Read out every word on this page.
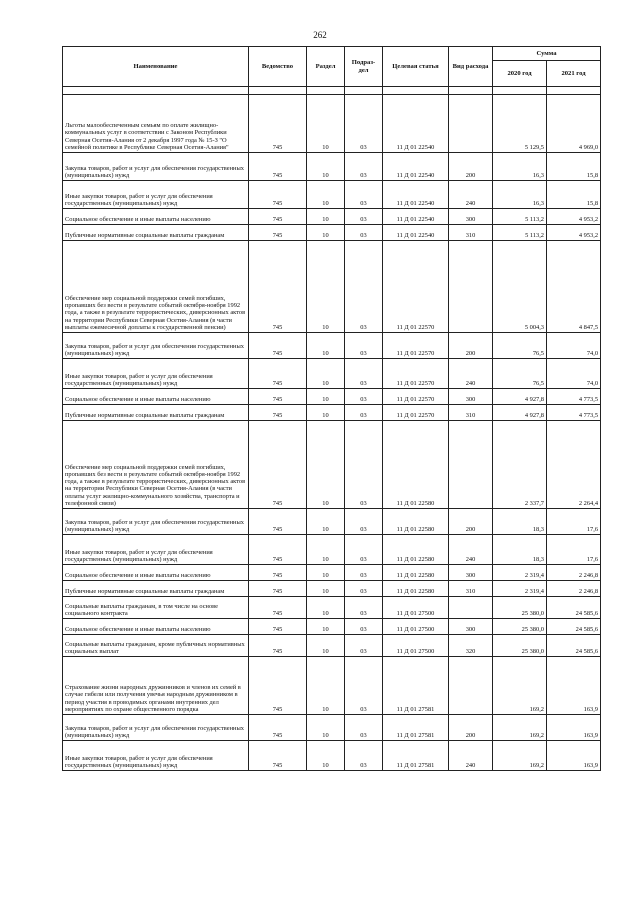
262
Наименование	Ведомство	Раздел	Подраз-дел	Целевая статья	Вид расхода	Сумма	
						2020 год	2021 год

Льготы малообеспеченным семьям по оплате жилищно-коммунальных услуг в соответствии с Законом Республики Северная Осетия-Алания от 2 декабря 1997 года № 15-З "О семейной политике в Республике Северная Осетия-Алания"	745	10	03	11 Д 01 22540		5 129,5	4 969,0
Закупка товаров, работ и услуг для обеспечения государственных (муниципальных) нужд	745	10	03	11 Д 01 22540	200	16,3	15,8
Иные закупки товаров, работ и услуг для обеспечения государственных (муниципальных) нужд	745	10	03	11 Д 01 22540	240	16,3	15,8
Социальное обеспечение и иные выплаты населению	745	10	03	11 Д 01 22540	300	5 113,2	4 953,2
Публичные нормативные социальные выплаты гражданам	745	10	03	11 Д 01 22540	310	5 113,2	4 953,2
Обеспечение мер социальной поддержки семей погибших, пропавших без вести в результате событий октября-ноября 1992 года, а также в результате террористических, диверсионных актов на территории Республики Северная Осетия-Алания (в части выплаты ежемесячной доплаты к государственной пенсии)	745	10	03	11 Д 01 22570		5 004,3	4 847,5
Закупка товаров, работ и услуг для обеспечения государственных (муниципальных) нужд	745	10	03	11 Д 01 22570	200	76,5	74,0
Иные закупки товаров, работ и услуг для обеспечения государственных (муниципальных) нужд	745	10	03	11 Д 01 22570	240	76,5	74,0
Социальное обеспечение и иные выплаты населению	745	10	03	11 Д 01 22570	300	4 927,8	4 773,5
Публичные нормативные социальные выплаты гражданам	745	10	03	11 Д 01 22570	310	4 927,8	4 773,5
Обеспечение мер социальной поддержки семей погибших, пропавших без вести в результате событий октября-ноября 1992 года, а также в результате террористических, диверсионных актов на территории Республики Северная Осетия-Алания (в части оплаты услуг жилищно-коммунального хозяйства, транспорта и телефонной связи)	745	10	03	11 Д 01 22580		2 337,7	2 264,4
Закупка товаров, работ и услуг для обеспечения государственных (муниципальных) нужд	745	10	03	11 Д 01 22580	200	18,3	17,6
Иные закупки товаров, работ и услуг для обеспечения государственных (муниципальных) нужд	745	10	03	11 Д 01 22580	240	18,3	17,6
Социальное обеспечение и иные выплаты населению	745	10	03	11 Д 01 22580	300	2 319,4	2 246,8
Публичные нормативные социальные выплаты гражданам	745	10	03	11 Д 01 22580	310	2 319,4	2 246,8
Социальные выплаты гражданам, в том числе на основе социального контракта	745	10	03	11 Д 01 27500		25 380,0	24 585,6
Социальное обеспечение и иные выплаты населению	745	10	03	11 Д 01 27500	300	25 380,0	24 585,6
Социальные выплаты гражданам, кроме публичных нормативных социальных выплат	745	10	03	11 Д 01 27500	320	25 380,0	24 585,6
Страхование жизни народных дружинников и членов их семей в случае гибели или получения увечья народным дружинником в период участия в проводимых органами внутренних дел мероприятиях по охране общественного порядка	745	10	03	11 Д 01 27581		169,2	163,9
Закупка товаров, работ и услуг для обеспечения государственных (муниципальных) нужд	745	10	03	11 Д 01 27581	200	169,2	163,9
Иные закупки товаров, работ и услуг для обеспечения государственных (муниципальных) нужд	745	10	03	11 Д 01 27581	240	169,2	163,9
